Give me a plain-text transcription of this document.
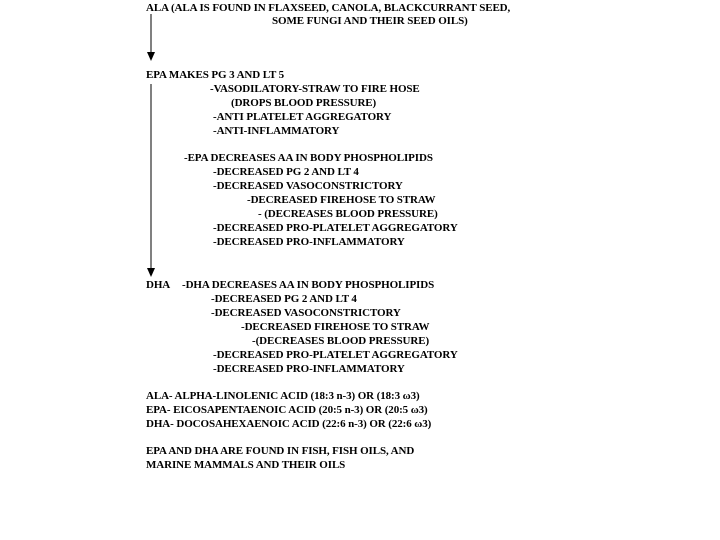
ALA (ALA IS FOUND IN FLAXSEED, CANOLA, BLACKCURRANT SEED,
SOME FUNGI AND THEIR SEED OILS)
EPA MAKES PG 3 AND LT 5
-VASODILATORY-STRAW TO FIRE HOSE
(DROPS BLOOD PRESSURE)
-ANTI PLATELET AGGREGATORY
-ANTI-INFLAMMATORY
-EPA DECREASES AA IN BODY PHOSPHOLIPIDS
-DECREASED PG 2 AND LT 4
-DECREASED VASOCONSTRICTORY
-DECREASED FIREHOSE TO STRAW
- (DECREASES BLOOD PRESSURE)
-DECREASED PRO-PLATELET AGGREGATORY
-DECREASED PRO-INFLAMMATORY
DHA -DHA DECREASES AA IN BODY PHOSPHOLIPIDS
-DECREASED PG 2 AND LT 4
-DECREASED VASOCONSTRICTORY
-DECREASED FIREHOSE TO STRAW
-(DECREASES BLOOD PRESSURE)
-DECREASED PRO-PLATELET AGGREGATORY
-DECREASED PRO-INFLAMMATORY
ALA- ALPHA-LINOLENIC ACID (18:3 n-3) OR (18:3 ω3)
EPA- EICOSAPENTAENOIC ACID (20:5 n-3) OR (20:5 ω3)
DHA- DOCOSAHEXAENOIC ACID (22:6 n-3) OR (22:6 ω3)
EPA AND DHA ARE FOUND IN FISH, FISH OILS, AND
MARINE MAMMALS AND THEIR OILS
